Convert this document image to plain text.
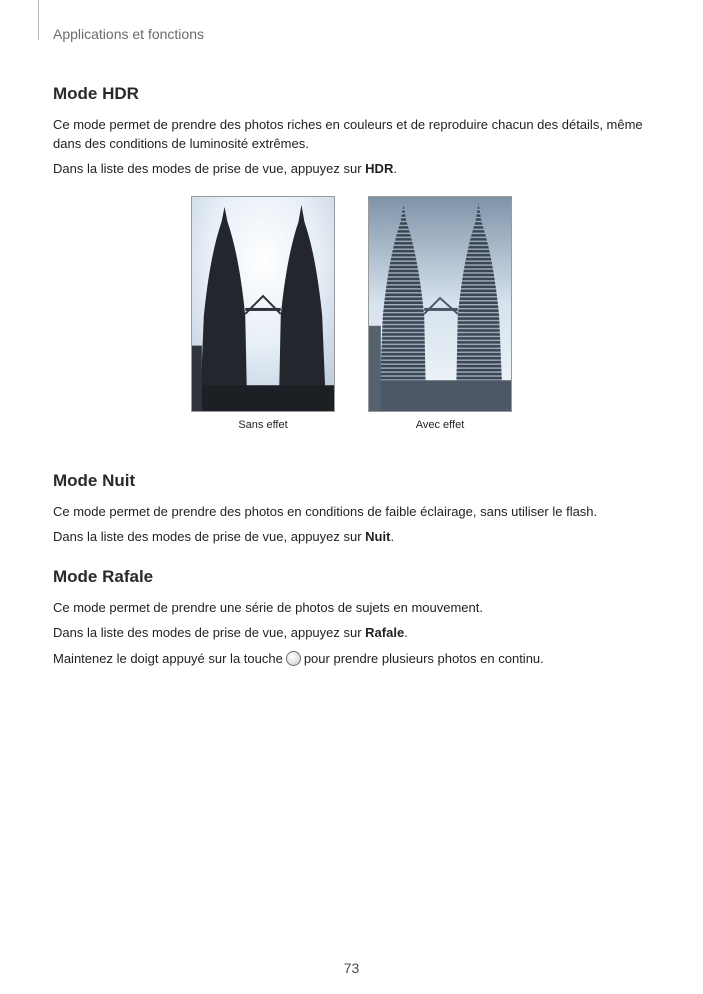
Applications et fonctions
Mode HDR

Ce mode permet de prendre des photos riches en couleurs et de reproduire chacun des détails, même dans des conditions de luminosité extrêmes.

Dans la liste des modes de prise de vue, appuyez sur HDR.

Sans effet	Avec effet
Mode Nuit

Ce mode permet de prendre des photos en conditions de faible éclairage, sans utiliser le flash.

Dans la liste des modes de prise de vue, appuyez sur Nuit.

Mode Rafale

Ce mode permet de prendre une série de photos de sujets en mouvement.

Dans la liste des modes de prise de vue, appuyez sur Rafale.

Maintenez le doigt appuyé sur la touche pour prendre plusieurs photos en continu.

73
